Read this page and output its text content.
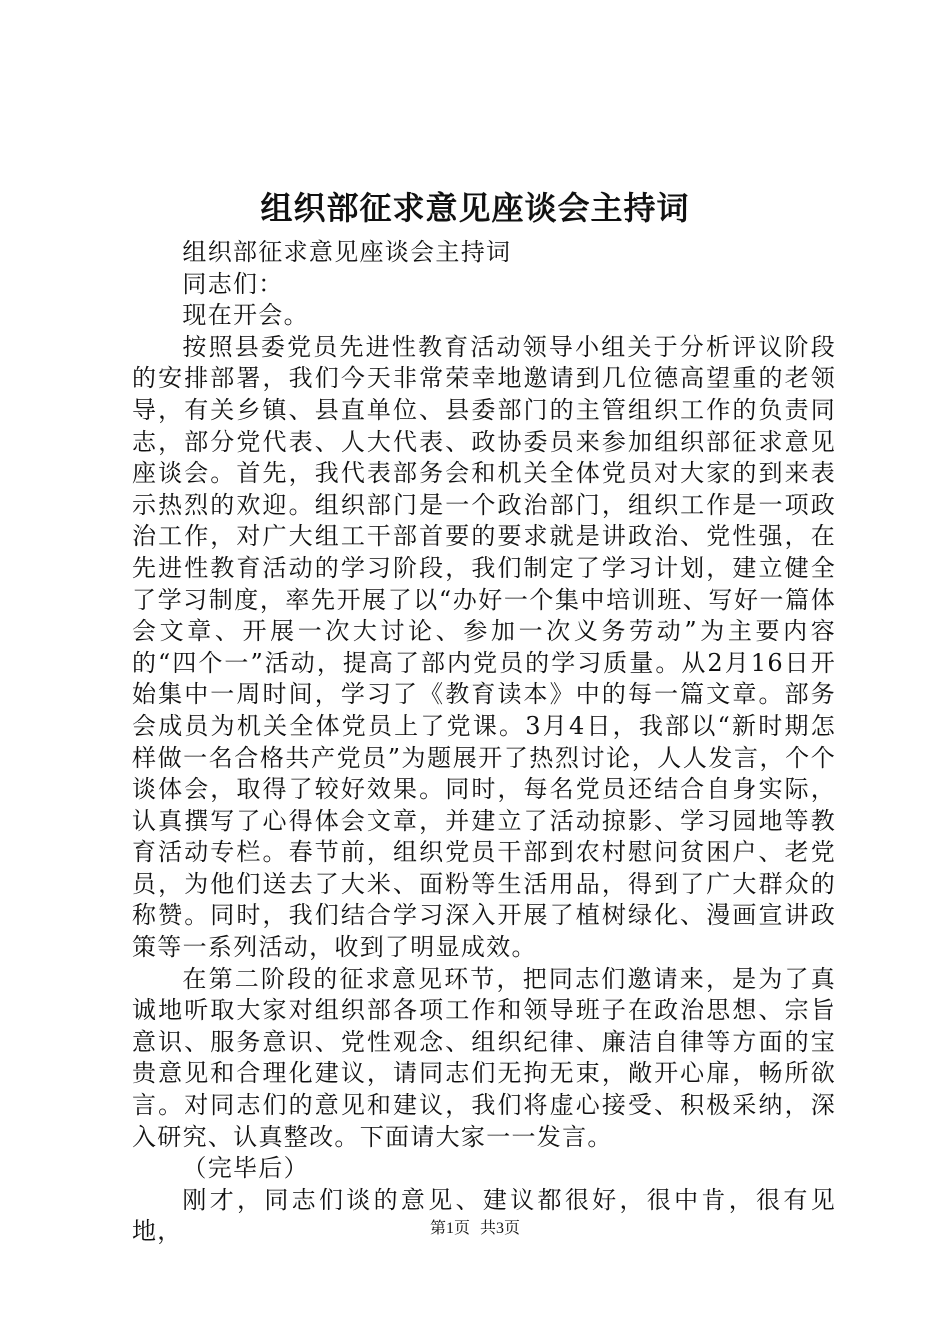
组织部征求意见座谈会主持词

组织部征求意见座谈会主持词

同志们：

现在开会。

按照县委党员先进性教育活动领导小组关于分析评议阶段的安排部署，我们今天非常荣幸地邀请到几位德高望重的老领导，有关乡镇、县直单位、县委部门的主管组织工作的负责同志，部分党代表、人大代表、政协委员来参加组织部征求意见座谈会。首先，我代表部务会和机关全体党员对大家的到来表示热烈的欢迎。组织部门是一个政治部门，组织工作是一项政治工作，对广大组工干部首要的要求就是讲政治、党性强，在先进性教育活动的学习阶段，我们制定了学习计划，建立健全了学习制度，率先开展了以“办好一个集中培训班、写好一篇体会文章、开展一次大讨论、参加一次义务劳动”为主要内容的“四个一”活动，提高了部内党员的学习质量。从2月16日开始集中一周时间，学习了《教育读本》中的每一篇文章。部务会成员为机关全体党员上了党课。3月4日，我部以“新时期怎样做一名合格共产党员”为题展开了热烈讨论，人人发言，个个谈体会，取得了较好效果。同时，每名党员还结合自身实际，认真撰写了心得体会文章，并建立了活动掠影、学习园地等教育活动专栏。春节前，组织党员干部到农村慰问贫困户、老党员，为他们送去了大米、面粉等生活用品，得到了广大群众的称赞。同时，我们结合学习深入开展了植树绿化、漫画宣讲政策等一系列活动，收到了明显成效。

在第二阶段的征求意见环节，把同志们邀请来，是为了真诚地听取大家对组织部各项工作和领导班子在政治思想、宗旨意识、服务意识、党性观念、组织纪律、廉洁自律等方面的宝贵意见和合理化建议，请同志们无拘无束，敞开心扉，畅所欲言。对同志们的意见和建议，我们将虚心接受、积极采纳，深入研究、认真整改。下面请大家一一发言。

（完毕后）

刚才，同志们谈的意见、建议都很好，很中肯，很有见地，	第1页 共3页
